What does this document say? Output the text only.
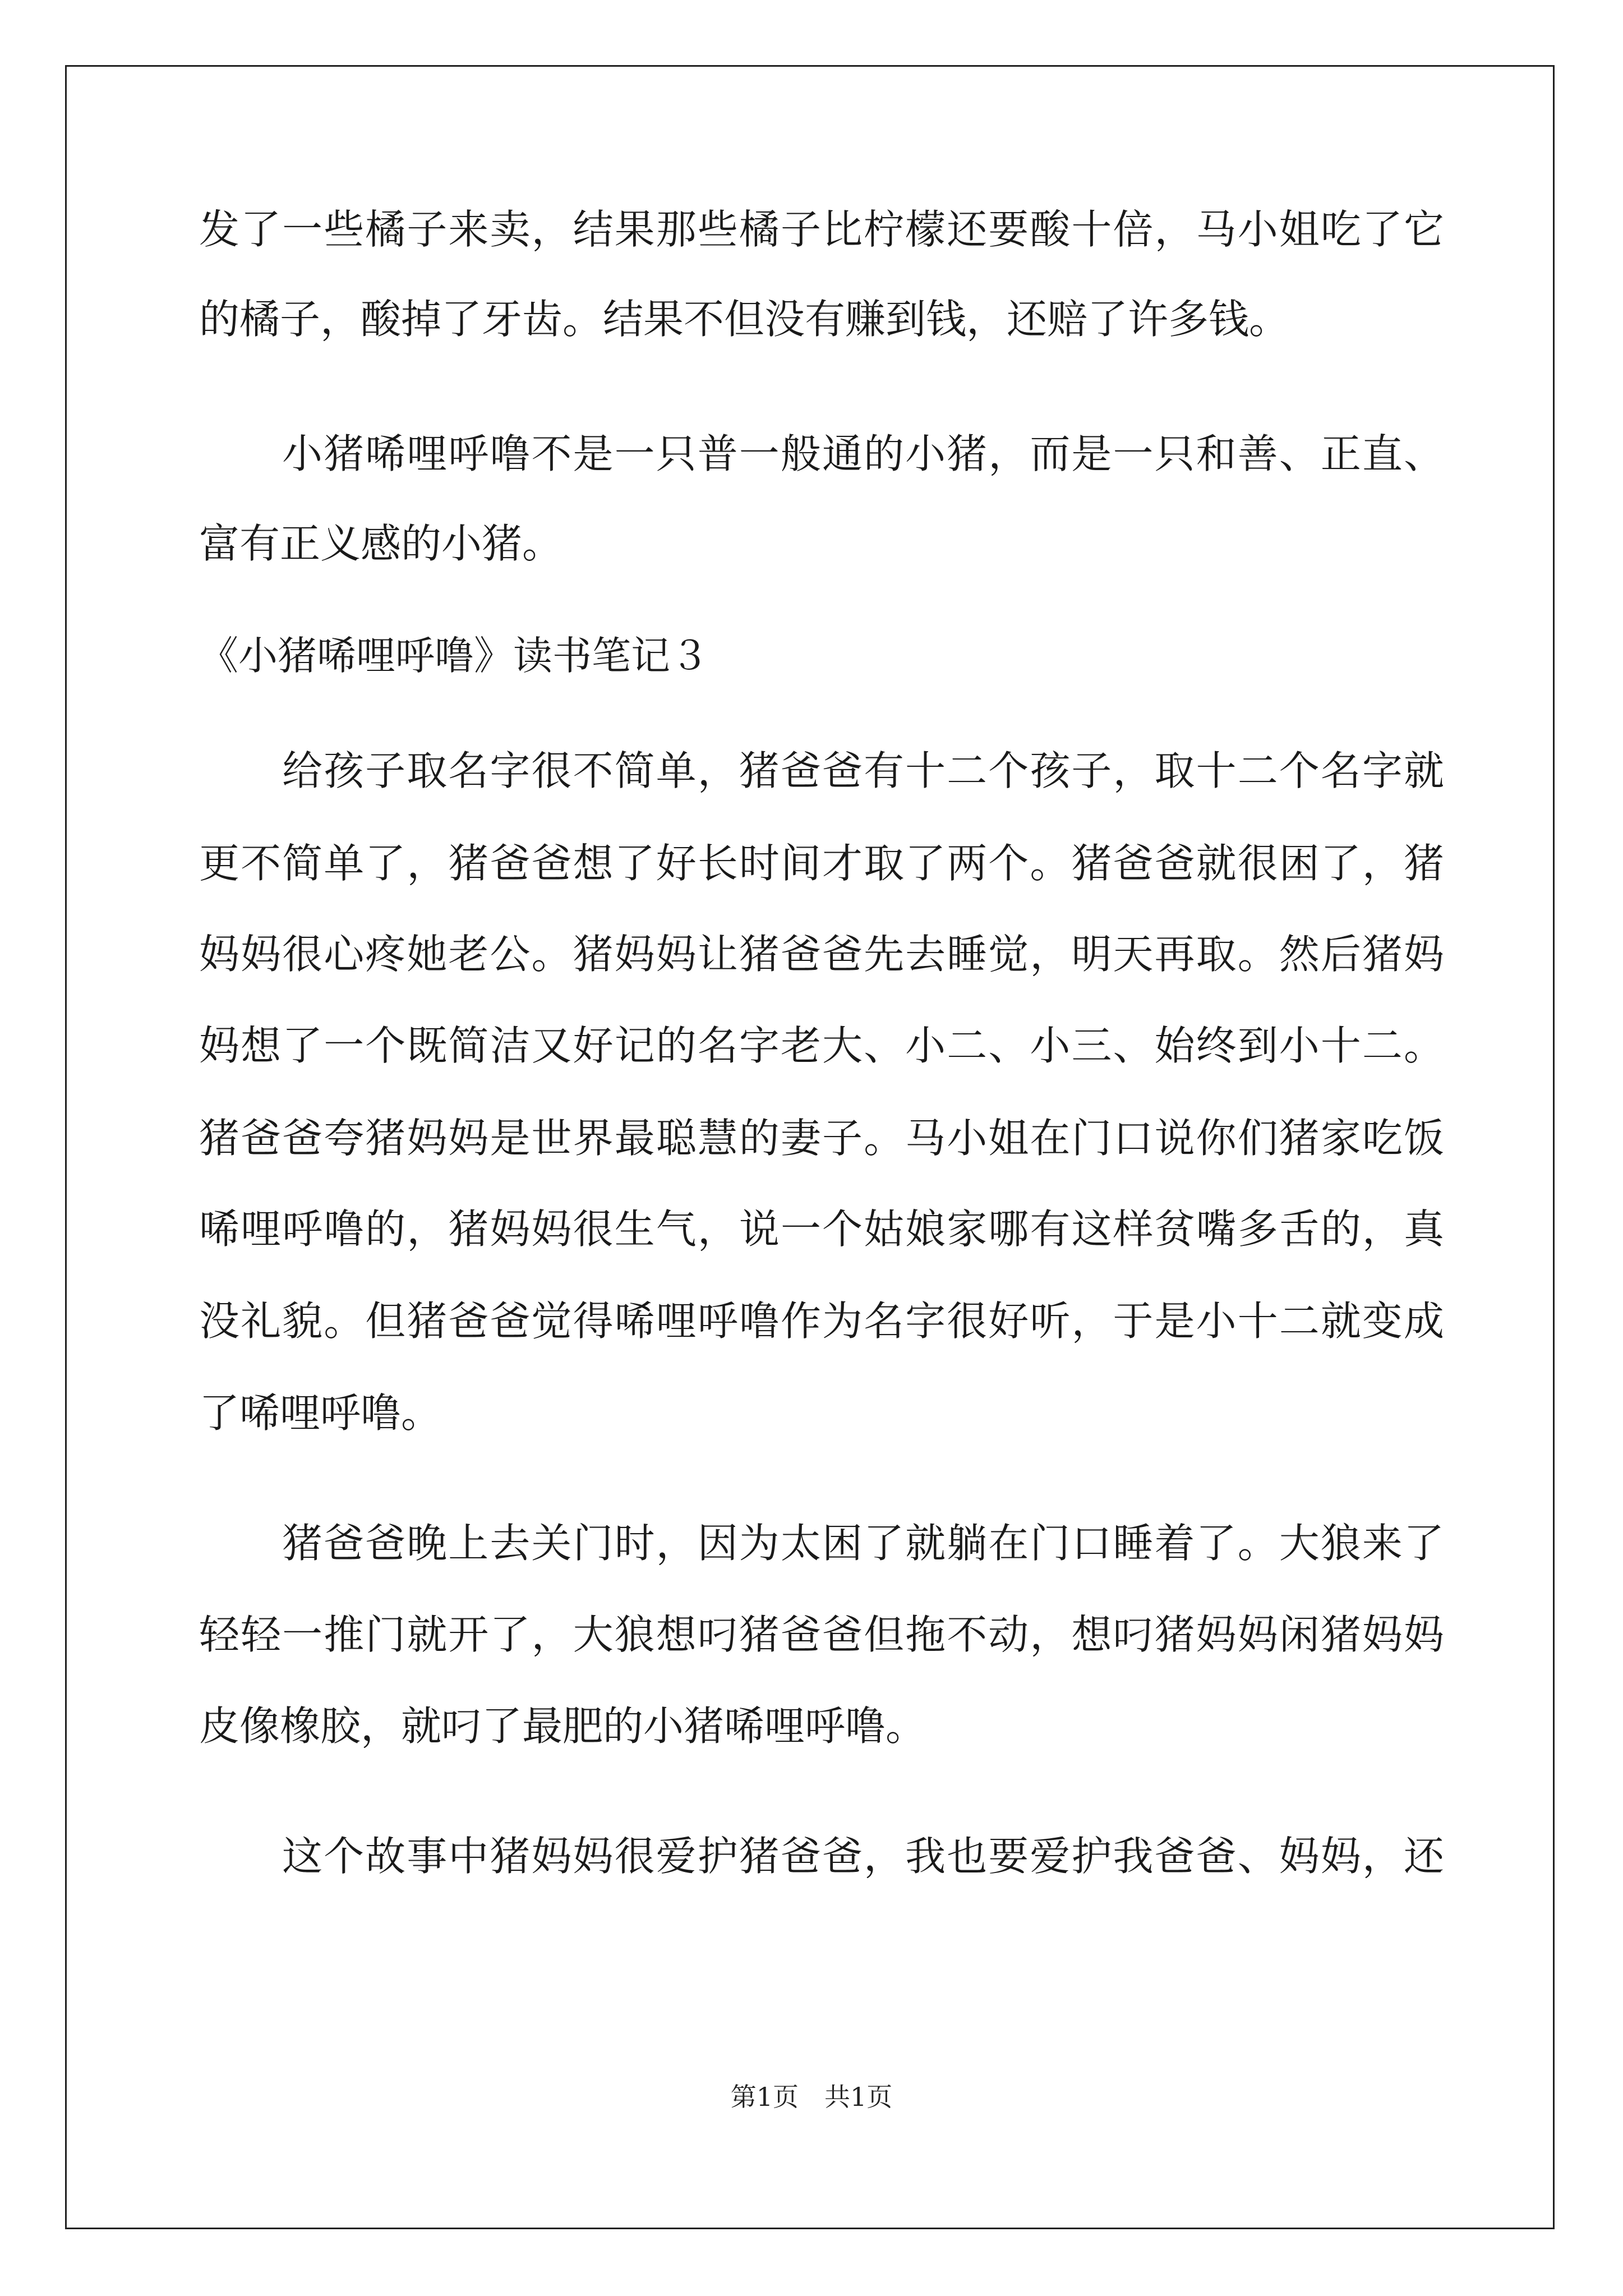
发了一些橘子来卖，结果那些橘子比柠檬还要酸十倍，马小姐吃了它
的橘子，酸掉了牙齿。结果不但没有赚到钱，还赔了许多钱。
小猪唏哩呼噜不是一只普一般通的小猪，而是一只和善、正直、
富有正义感的小猪。
《小猪唏哩呼噜》读书笔记３
给孩子取名字很不简单，猪爸爸有十二个孩子，取十二个名字就
更不简单了，猪爸爸想了好长时间才取了两个。猪爸爸就很困了，猪
妈妈很心疼她老公。猪妈妈让猪爸爸先去睡觉，明天再取。然后猪妈
妈想了一个既简洁又好记的名字老大、小二、小三、始终到小十二。
猪爸爸夸猪妈妈是世界最聪慧的妻子。马小姐在门口说你们猪家吃饭
唏哩呼噜的，猪妈妈很生气，说一个姑娘家哪有这样贫嘴多舌的，真
没礼貌。但猪爸爸觉得唏哩呼噜作为名字很好听，于是小十二就变成
了唏哩呼噜。
猪爸爸晚上去关门时，因为太困了就躺在门口睡着了。大狼来了
轻轻一推门就开了，大狼想叼猪爸爸但拖不动，想叼猪妈妈闲猪妈妈
皮像橡胶，就叼了最肥的小猪唏哩呼噜。
这个故事中猪妈妈很爱护猪爸爸，我也要爱护我爸爸、妈妈，还
第1页　共1页
